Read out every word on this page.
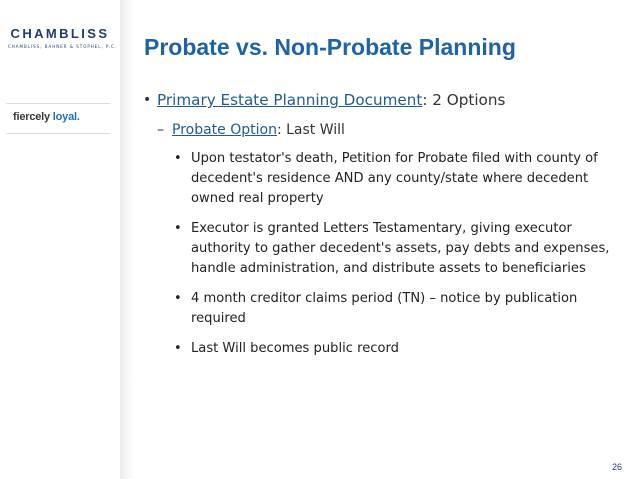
CHAMBLISS
CHAMBLISS, BAHNER & STOPHEL, P.C.
fiercely loyal.
Probate vs. Non-Probate Planning
• Primary Estate Planning Document: 2 Options
– Probate Option: Last Will
• Upon testator's death, Petition for Probate filed with county of decedent's residence AND any county/state where decedent owned real property
• Executor is granted Letters Testamentary, giving executor authority to gather decedent's assets, pay debts and expenses, handle administration, and distribute assets to beneficiaries
• 4 month creditor claims period (TN) – notice by publication required
• Last Will becomes public record
26
